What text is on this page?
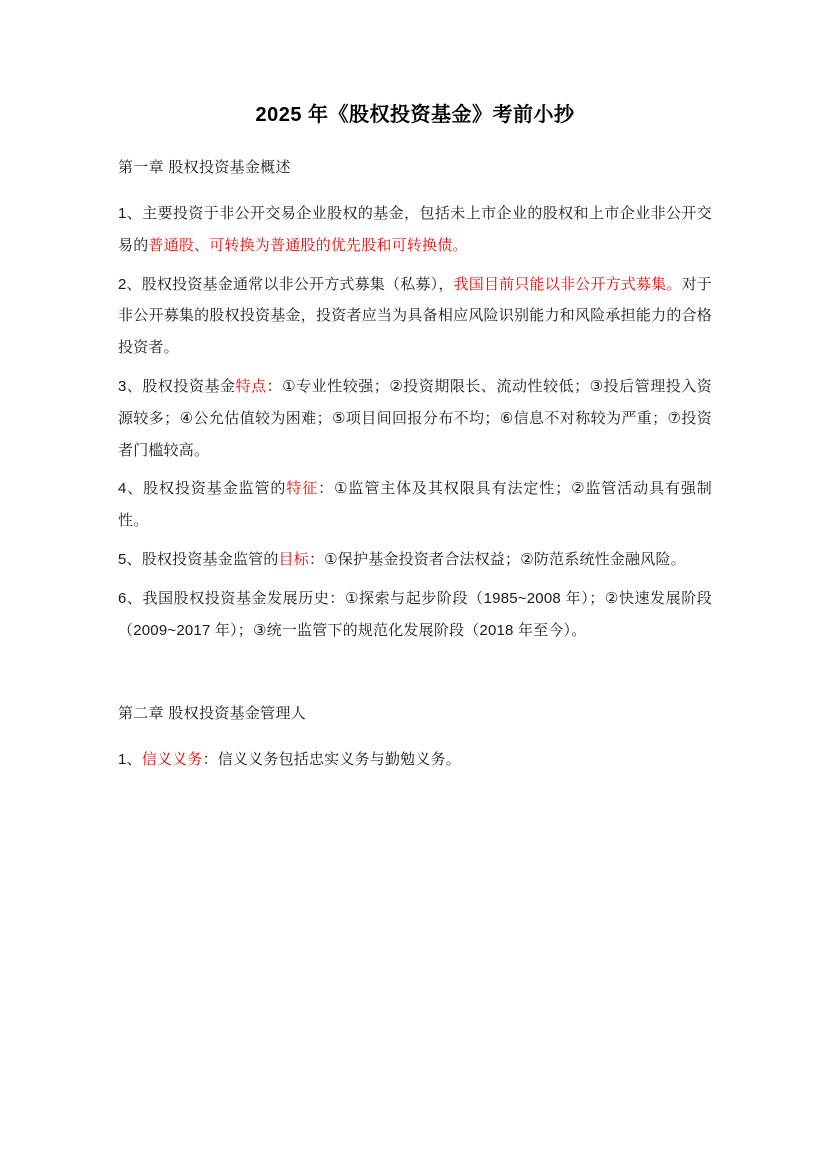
2025 年《股权投资基金》考前小抄

第一章 股权投资基金概述

1、主要投资于非公开交易企业股权的基金，包括未上市企业的股权和上市企业非公开交易的普通股、可转换为普通股的优先股和可转换债。

2、股权投资基金通常以非公开方式募集（私募），我国目前只能以非公开方式募集。对于非公开募集的股权投资基金，投资者应当为具备相应风险识别能力和风险承担能力的合格投资者。

3、股权投资基金特点：①专业性较强；②投资期限长、流动性较低；③投后管理投入资源较多；④公允估值较为困难；⑤项目间回报分布不均；⑥信息不对称较为严重；⑦投资者门槛较高。

4、股权投资基金监管的特征：①监管主体及其权限具有法定性；②监管活动具有强制性。

5、股权投资基金监管的目标：①保护基金投资者合法权益；②防范系统性金融风险。

6、我国股权投资基金发展历史：①探索与起步阶段（1985~2008 年）；②快速发展阶段（2009~2017 年）；③统一监管下的规范化发展阶段（2018 年至今）。

第二章 股权投资基金管理人

1、信义义务：信义义务包括忠实义务与勤勉义务。
